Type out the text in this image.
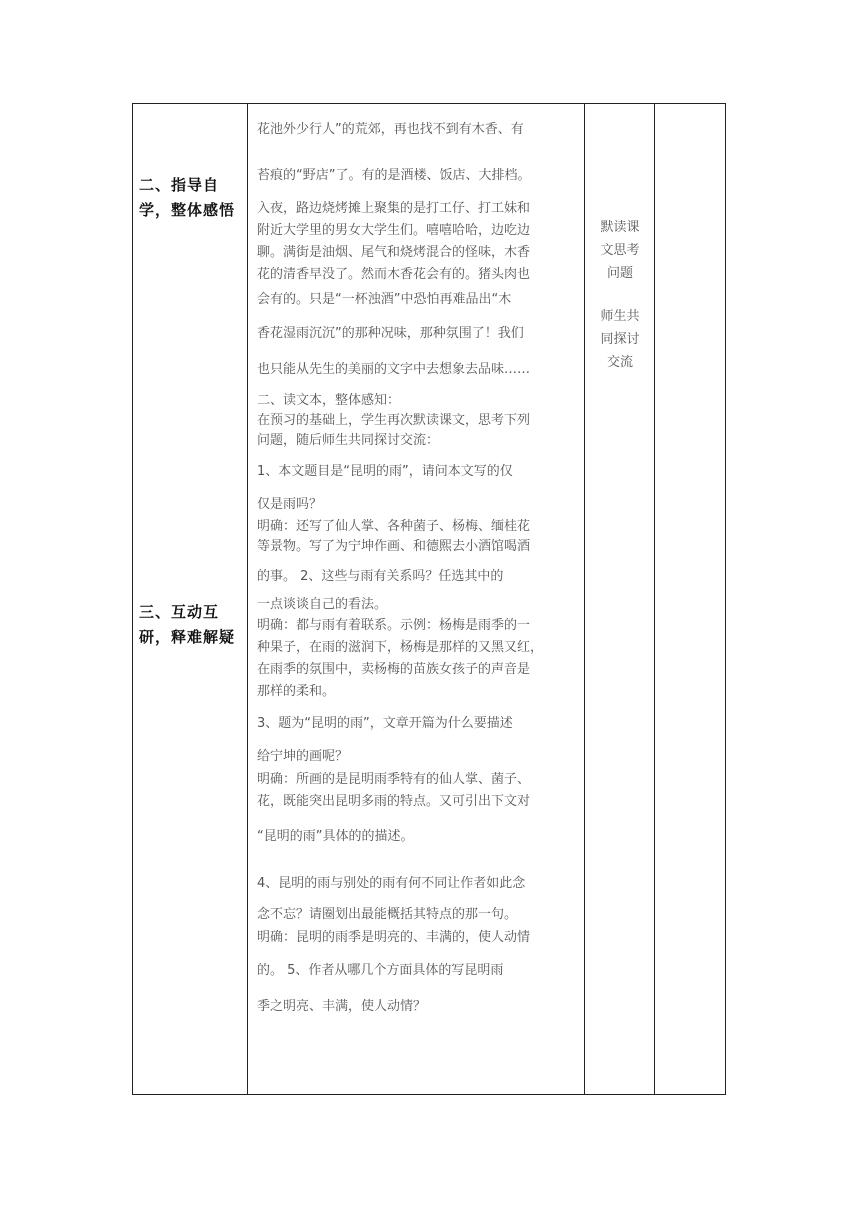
二、指导自学，整体感悟
三、互动互研，释难解疑

花池外少行人”的荒郊，再也找不到有木香、有

苔痕的“野店”了。有的是酒楼、饭店、大排档。

入夜，路边烧烤摊上聚集的是打工仔、打工妹和

附近大学里的男女大学生们。嘻嘻哈哈，边吃边

聊。满街是油烟、尾气和烧烤混合的怪味，木香

花的清香早没了。然而木香花会有的。猪头肉也

会有的。只是“一杯浊酒”中恐怕再难品出“木

香花湿雨沉沉”的那种况味，那种氛围了！我们

也只能从先生的美丽的文字中去想象去品味……

二、读文本，整体感知：

在预习的基础上，学生再次默读课文，思考下列

问题，随后师生共同探讨交流：

1、本文题目是“昆明的雨”，请问本文写的仅

仅是雨吗？

明确：还写了仙人掌、各种菌子、杨梅、缅桂花

等景物。写了为宁坤作画、和德熙去小酒馆喝酒

的事。 2、这些与雨有关系吗？任选其中的

一点谈谈自己的看法。

明确：都与雨有着联系。示例：杨梅是雨季的一

种果子，在雨的滋润下，杨梅是那样的又黑又红，

在雨季的氛围中，卖杨梅的苗族女孩子的声音是

那样的柔和。

3、题为“昆明的雨”，文章开篇为什么要描述

给宁坤的画呢？

明确：所画的是昆明雨季特有的仙人掌、菌子、

花，既能突出昆明多雨的特点。又可引出下文对

“昆明的雨”具体的的描述。

4、昆明的雨与别处的雨有何不同让作者如此念

念不忘？请圈划出最能概括其特点的那一句。

明确：昆明的雨季是明亮的、丰满的，使人动情

的。 5、作者从哪几个方面具体的写昆明雨

季之明亮、丰满，使人动情？

默读课

文思考

问题

师生共

同探讨

交流
